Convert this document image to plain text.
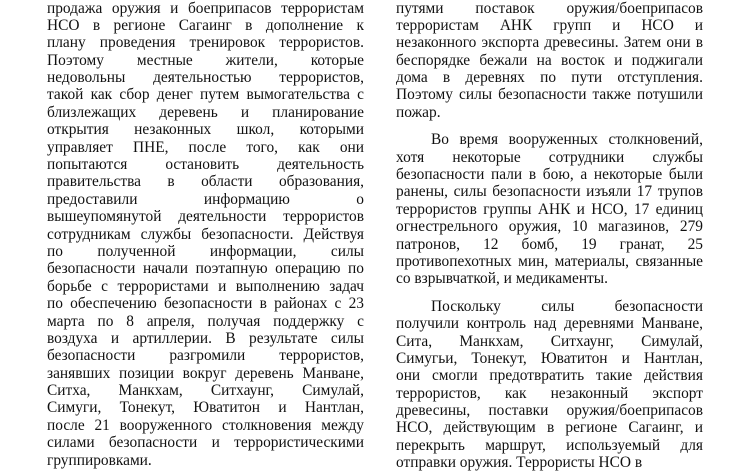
продажа оружия и боеприпасов террористам
НСО в регионе Сагаинг в дополнение к
плану проведения тренировок террористов.
Поэтому местные жители, которые
недовольны деятельностью террористов,
такой как сбор денег путем вымогательства с
близлежащих деревень и планирование
открытия незаконных школ, которыми
управляет ПНЕ, после того, как они
попытаются остановить деятельность
правительства в области образования,
предоставили информацию о
вышеупомянутой деятельности террористов
сотрудникам службы безопасности. Действуя
по полученной информации, силы
безопасности начали поэтапную операцию по
борьбе с террористами и выполнению задач
по обеспечению безопасности в районах с 23
марта по 8 апреля, получая поддержку с
воздуха и артиллерии. В результате силы
безопасности разгромили террористов,
занявших позиции вокруг деревень Манване,
Ситха, Манкхам, Ситхаунг, Симулай,
Симуги, Тонекут, Юватитон и Нантлан,
после 21 вооруженного столкновения между
силами безопасности и террористическими
группировками.
путями поставок оружия/боеприпасов
террористам АНК групп и НСО и
незаконного экспорта древесины. Затем они в
беспорядке бежали на восток и поджигали
дома в деревнях по пути отступления.
Поэтому силы безопасности также потушили
пожар.
Во время вооруженных столкновений,
хотя некоторые сотрудники службы
безопасности пали в бою, а некоторые были
ранены, силы безопасности изъяли 17 трупов
террористов группы АНК и НСО, 17 единиц
огнестрельного оружия, 10 магазинов, 279
патронов, 12 бомб, 19 гранат, 25
противопехотных мин, материалы, связанные
со взрывчаткой, и медикаменты.
Поскольку силы безопасности
получили контроль над деревнями Манване,
Сита, Манкхам, Ситхаунг, Симулай,
Симугьи, Тонекут, Юватитон и Нантлан,
они смогли предотвратить такие действия
террористов, как незаконный экспорт
древесины, поставки оружия/боеприпасов
НСО, действующим в регионе Сагаинг, и
перекрыть маршрут, используемый для
отправки оружия. Террористы НСО в
